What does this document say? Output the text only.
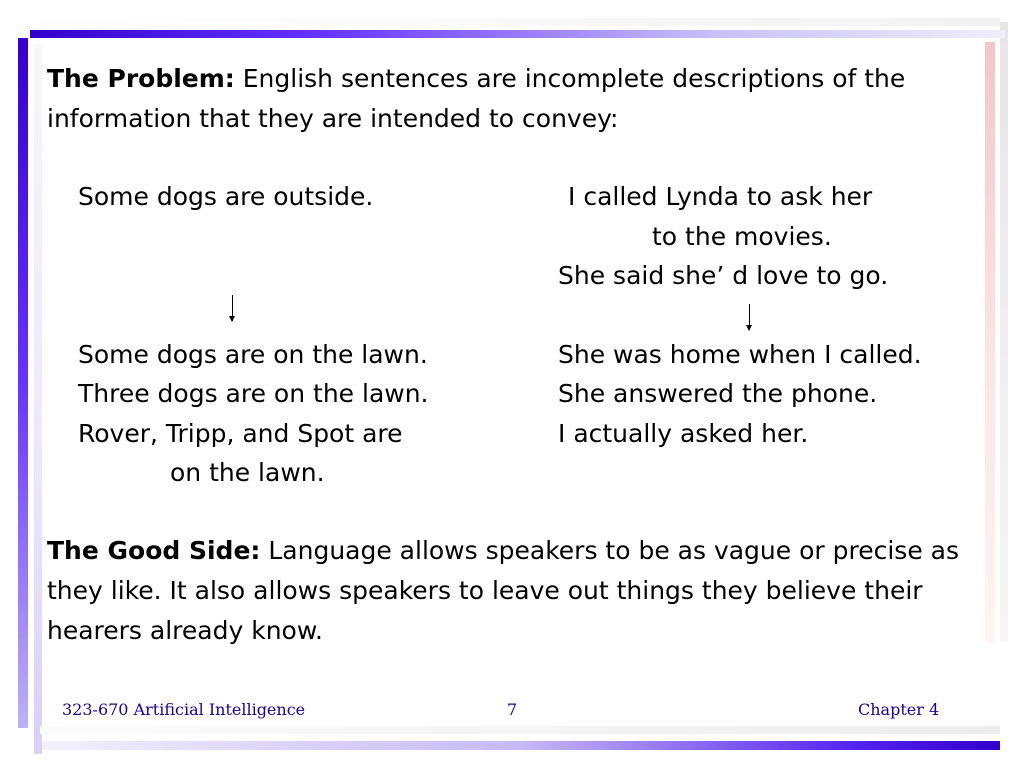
The Problem: English sentences are incomplete descriptions of the information that they are intended to convey:

Some dogs are outside.
Some dogs are on the lawn.
Three dogs are on the lawn.
Rover, Tripp, and Spot are
on the lawn.
I called Lynda to ask her
to the movies.
She said she’ d love to go.
She was home when I called.
She answered the phone.
I actually asked her.

The Good Side: Language allows speakers to be as vague or precise as they like. It also allows speakers to leave out things they believe their hearers already know.

323-670 Artificial Intelligence	7	Chapter 4
